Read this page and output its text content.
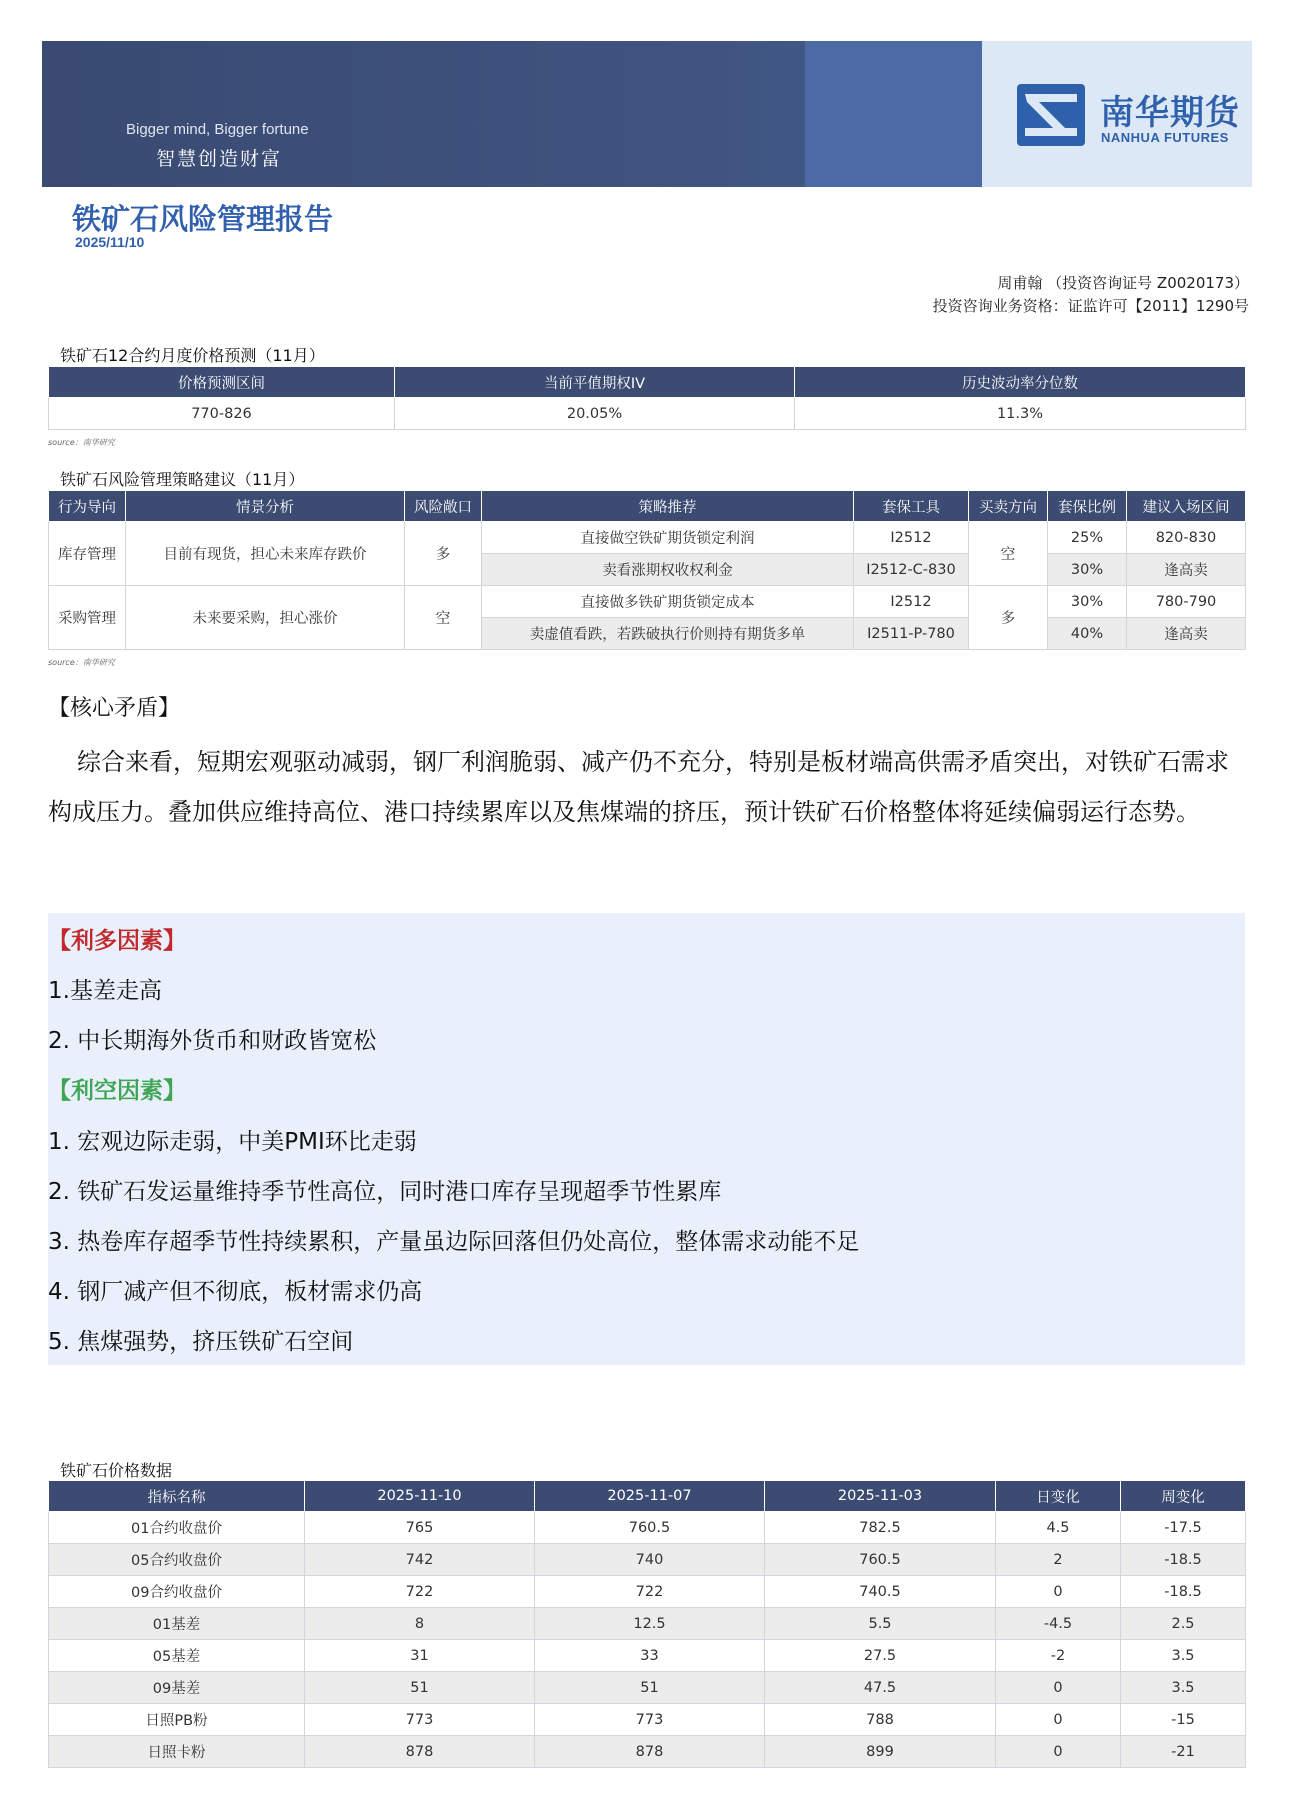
Bigger mind, Bigger fortune
智慧创造财富
南华期货
NANHUA FUTURES
铁矿石风险管理报告
2025/11/10
周甫翰 （投资咨询证号 Z0020173）
投资咨询业务资格：证监许可【2011】1290号
铁矿石12合约月度价格预测（11月）
价格预测区间	当前平值期权IV	历史波动率分位数
770-826	20.05%	11.3%
source：南华研究
铁矿石风险管理策略建议（11月）
行为导向	情景分析	风险敞口	策略推荐	套保工具	买卖方向	套保比例	建议入场区间
库存管理	目前有现货，担心未来库存跌价	多	直接做空铁矿期货锁定利润	I2512	空	25%	820-830
			卖看涨期权收权利金	I2512-C-830		30%	逢高卖
采购管理	未来要采购，担心涨价	空	直接做多铁矿期货锁定成本	I2512	多	30%	780-790
			卖虚值看跌，若跌破执行价则持有期货多单	I2511-P-780		40%	逢高卖
source：南华研究
【核心矛盾】
综合来看，短期宏观驱动减弱，钢厂利润脆弱、减产仍不充分，特别是板材端高供需矛盾突出，对铁矿石需求构成压力。叠加供应维持高位、港口持续累库以及焦煤端的挤压，预计铁矿石价格整体将延续偏弱运行态势。
【利多因素】
1.基差走高
2. 中长期海外货币和财政皆宽松
【利空因素】
1. 宏观边际走弱，中美PMI环比走弱
2. 铁矿石发运量维持季节性高位，同时港口库存呈现超季节性累库
3. 热卷库存超季节性持续累积，产量虽边际回落但仍处高位，整体需求动能不足
4. 钢厂减产但不彻底，板材需求仍高
5. 焦煤强势，挤压铁矿石空间
铁矿石价格数据
指标名称	2025-11-10	2025-11-07	2025-11-03	日变化	周变化
01合约收盘价	765	760.5	782.5	4.5	-17.5
05合约收盘价	742	740	760.5	2	-18.5
09合约收盘价	722	722	740.5	0	-18.5
01基差	8	12.5	5.5	-4.5	2.5
05基差	31	33	27.5	-2	3.5
09基差	51	51	47.5	0	3.5
日照PB粉	773	773	788	0	-15
日照卡粉	878	878	899	0	-21
